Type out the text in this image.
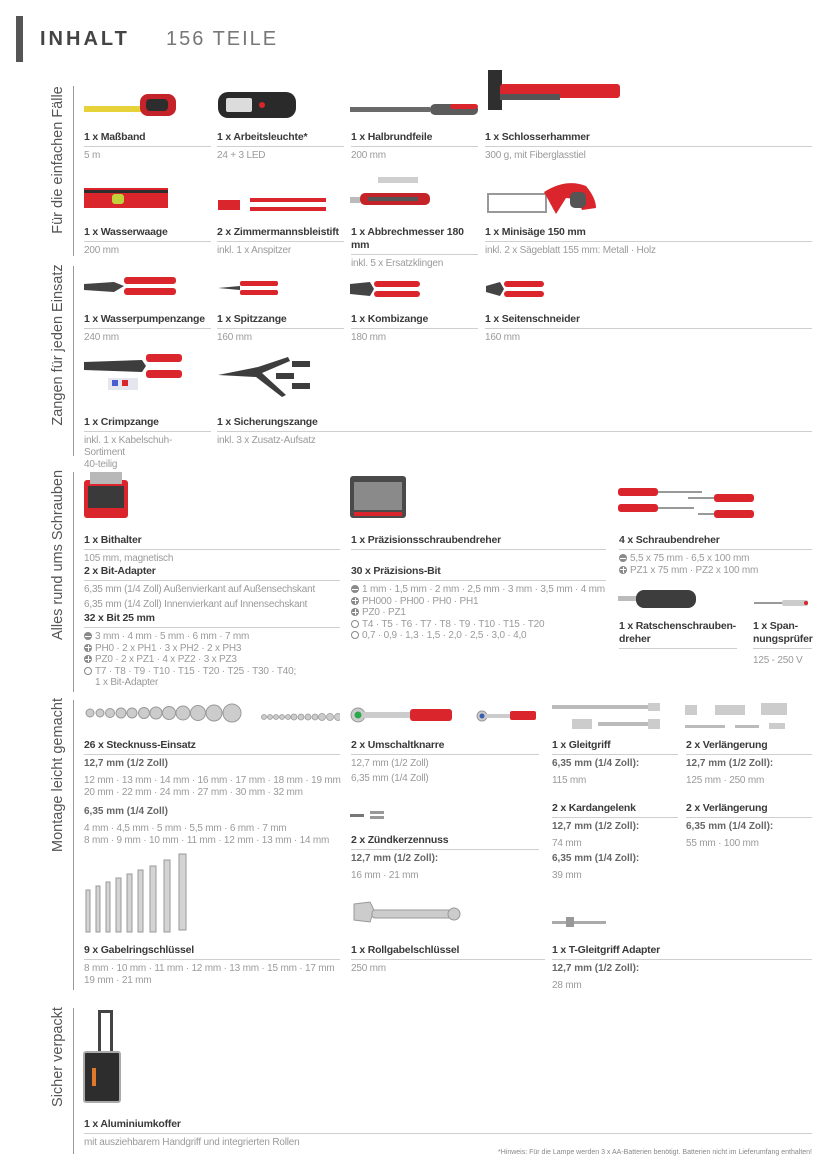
INHALT 156 TEILE
Für die einfachen Fälle
Zangen für jeden Einsatz
Alles rund ums Schrauben
Montage leicht gemacht
Sicher verpackt
1 x Maßband
5 m
1 x Arbeitsleuchte*
24 + 3 LED
1 x Halbrundfeile
200 mm
1 x Schlosserhammer
300 g, mit Fiberglasstiel
1 x Wasserwaage
200 mm
2 x Zimmermannsbleistift
inkl. 1 x Anspitzer
1 x Abbrechmesser 180 mm
inkl. 5 x Ersatzklingen
1 x Minisäge 150 mm
inkl. 2 x Sägeblatt 155 mm: Metall · Holz
1 x Wasserpumpenzange
240 mm
1 x Spitzzange
160 mm
1 x Kombizange
180 mm
1 x Seitenschneider
160 mm
1 x Crimpzange
inkl. 1 x Kabelschuh-Sortiment
40-teilig
1 x Sicherungszange
inkl. 3 x Zusatz-Aufsatz
1 x Bithalter
105 mm, magnetisch
2 x Bit-Adapter
6,35 mm (1/4 Zoll) Außenvierkant auf Außensechskant
6,35 mm (1/4 Zoll) Innenvierkant auf Innensechskant
32 x Bit 25 mm
3 mm · 4 mm · 5 mm · 6 mm · 7 mm
PH0 · 2 x PH1 · 3 x PH2 · 2 x PH3
PZ0 · 2 x PZ1 · 4 x PZ2 · 3 x PZ3
T7 · T8 · T9 · T10 · T15 · T20 · T25 · T30 · T40;
1 x Bit-Adapter
1 x Präzisionsschraubendreher
30 x Präzisions-Bit
1 mm · 1,5 mm · 2 mm · 2,5 mm · 3 mm · 3,5 mm · 4 mm
PH000 · PH00 · PH0 · PH1
PZ0 · PZ1
T4 · T5 · T6 · T7 · T8 · T9 · T10 · T15 · T20
0,7 · 0,9 · 1,3 · 1,5 · 2,0 · 2,5 · 3,0 · 4,0
4 x Schraubendreher
5,5 x 75 mm · 6,5 x 100 mm
PZ1 x 75 mm · PZ2 x 100 mm
1 x Ratschenschrauben-dreher
1 x Span-nungsprüfer
125 - 250 V
26 x Stecknuss-Einsatz
12,7 mm (1/2 Zoll)
12 mm · 13 mm · 14 mm · 16 mm · 17 mm · 18 mm · 19 mm
20 mm · 22 mm · 24 mm · 27 mm · 30 mm · 32 mm
6,35 mm (1/4 Zoll)
4 mm · 4,5 mm · 5 mm · 5,5 mm · 6 mm · 7 mm
8 mm · 9 mm · 10 mm · 11 mm · 12 mm · 13 mm · 14 mm
2 x Umschaltknarre
12,7 mm (1/2 Zoll)
6,35 mm (1/4 Zoll)
1 x Gleitgriff
6,35 mm (1/4 Zoll):
115 mm
2 x Verlängerung
12,7 mm (1/2 Zoll):
125 mm · 250 mm
2 x Zündkerzennuss
12,7 mm (1/2 Zoll):
16 mm · 21 mm
2 x Kardangelenk
12,7 mm (1/2 Zoll):
74 mm
6,35 mm (1/4 Zoll):
39 mm
2 x Verlängerung
6,35 mm (1/4 Zoll):
55 mm · 100 mm
9 x Gabelringschlüssel
8 mm · 10 mm · 11 mm · 12 mm · 13 mm · 15 mm · 17 mm
19 mm · 21 mm
1 x Rollgabelschlüssel
250 mm
1 x T-Gleitgriff Adapter
12,7 mm (1/2 Zoll):
28 mm
1 x Aluminiumkoffer
mit ausziehbarem Handgriff und integrierten Rollen
*Hinweis: Für die Lampe werden 3 x AA-Batterien benötigt. Batterien nicht im Lieferumfang enthalten!
